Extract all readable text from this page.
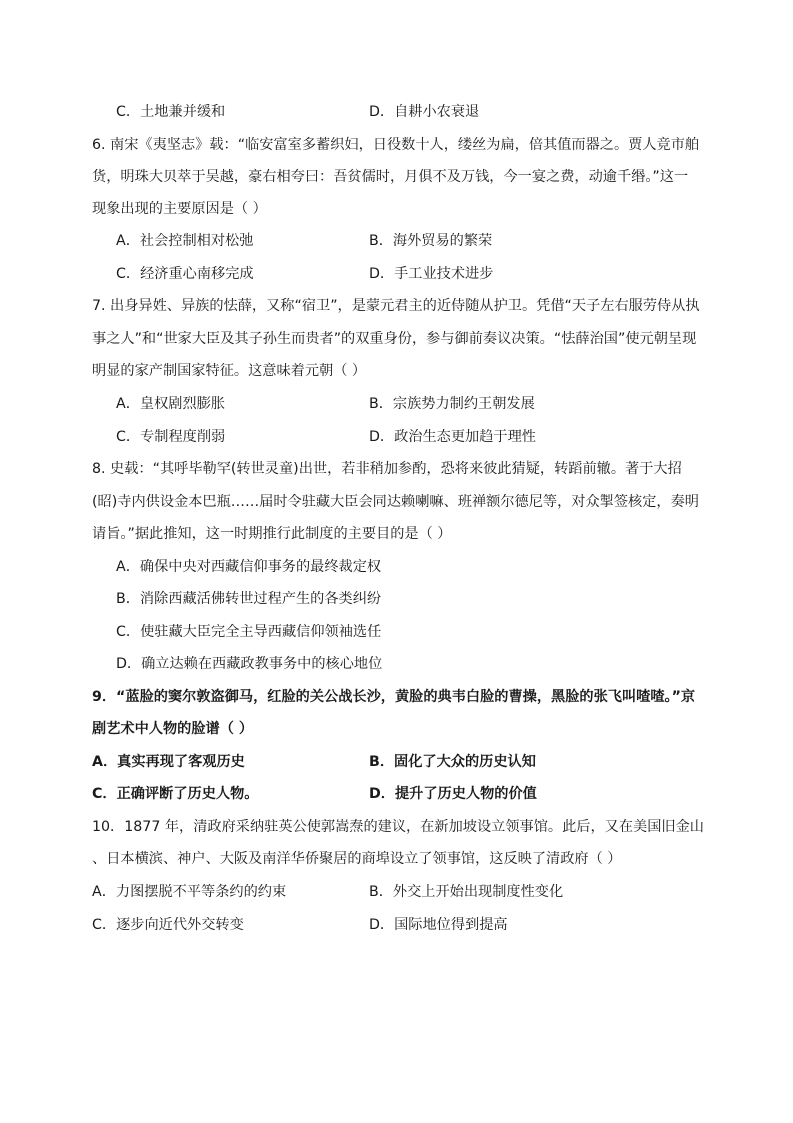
C．土地兼并缓和	D．自耕小农衰退
6. 南宋《夷坚志》载：“临安富室多蓄织妇，日役数十人，缕丝为扁，倍其值而器之。贾人竞市舶
货，明珠大贝萃于吴越，豪右相夸曰：吾贫儒时，月俱不及万钱，今一宴之费，动逾千缗。”这一
现象出现的主要原因是（ ）
A．社会控制相对松弛	B．海外贸易的繁荣
C．经济重心南移完成	D．手工业技术进步
7. 出身异姓、异族的怯薛，又称“宿卫”，是蒙元君主的近侍随从护卫。凭借“天子左右服劳侍从执
事之人”和“世家大臣及其子孙生而贵者”的双重身份，参与御前奏议决策。“怯薛治国”使元朝呈现
明显的家产制国家特征。这意味着元朝（ ）
A．皇权剧烈膨胀	B．宗族势力制约王朝发展
C．专制程度削弱	D．政治生态更加趋于理性
8. 史载：“其呼毕勒罕(转世灵童)出世，若非稍加参酌，恐将来彼此猜疑，转蹈前辙。著于大招
(昭)寺内供设金本巴瓶……届时令驻藏大臣会同达赖喇嘛、班禅额尔德尼等，对众掣签核定，奏明
请旨。”据此推知，这一时期推行此制度的主要目的是（ ）
A．确保中央对西藏信仰事务的最终裁定权
B．消除西藏活佛转世过程产生的各类纠纷
C．使驻藏大臣完全主导西藏信仰领袖选任
D．确立达赖在西藏政教事务中的核心地位
9．“蓝脸的窦尔敦盗御马，红脸的关公战长沙，黄脸的典韦白脸的曹操，黑脸的张飞叫喳喳。”京
剧艺术中人物的脸谱（ ）
A．真实再现了客观历史	B．固化了大众的历史认知
C．正确评断了历史人物。	D．提升了历史人物的价值
10．1877 年，清政府采纳驻英公使郭嵩焘的建议，在新加坡设立领事馆。此后，又在美国旧金山
、日本横滨、神户、大阪及南洋华侨聚居的商埠设立了领事馆，这反映了清政府（ ）
A．力图摆脱不平等条约的约束	B．外交上开始出现制度性变化
C．逐步向近代外交转变	D．国际地位得到提高
